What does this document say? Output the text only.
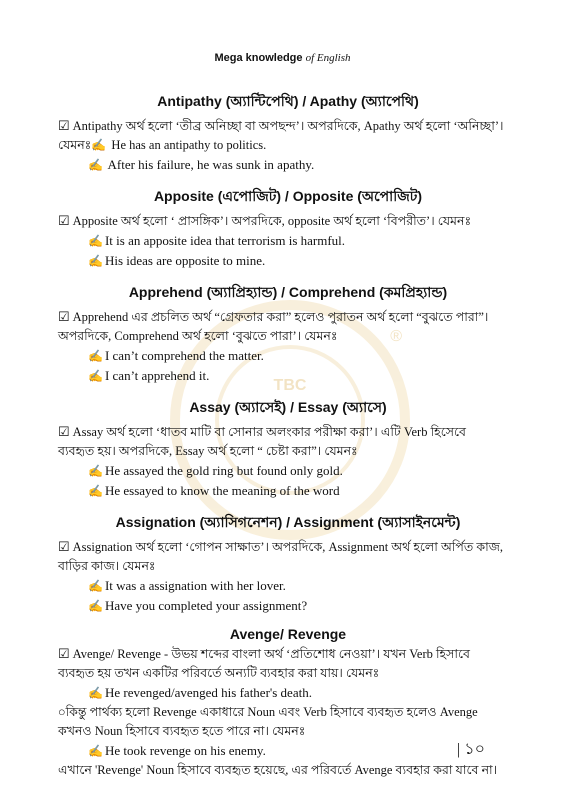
Mega knowledge of English
TBC
®
Antipathy (অ্যান্টিপেথি) / Apathy (অ্যাপেথি)
☑ Antipathy অর্থ হলো ‘তীব্র অনিচ্ছা বা অপছন্দ’। অপরদিকে, Apathy অর্থ হলো ‘অনিচ্ছা’।
যেমনঃ✍ He has an antipathy to politics.
✍ After his failure, he was sunk in apathy.
Apposite (এপোজিট) / Opposite (অপোজিট)
☑ Apposite অর্থ হলো ‘ প্রাসঙ্গিক’। অপরদিকে, opposite অর্থ হলো ‘বিপরীত’। যেমনঃ
✍ It is an apposite idea that terrorism is harmful.
✍ His ideas are opposite to mine.
Apprehend (অ্যাপ্রিহ্যান্ড) / Comprehend (কমপ্রিহ্যান্ড)
☑ Apprehend এর প্রচলিত অর্থ “গ্রেফতার করা” হলেও পুরাতন অর্থ হলো “বুঝতে পারা”।
অপরদিকে, Comprehend অর্থ হলো ‘বুঝতে পারা’। যেমনঃ
✍ I can’t comprehend the matter.
✍ I can’t apprehend it.
Assay (অ্যাসেই) / Essay (অ্যাসে)
☑ Assay অর্থ হলো ‘ধাতব মাটি বা সোনার অলংকার পরীক্ষা করা’। এটি Verb হিসেবে
ব্যবহৃত হয়। অপরদিকে, Essay অর্থ হলো “ চেষ্টা করা”। যেমনঃ
✍ He assayed the gold ring but found only gold.
✍ He essayed to know the meaning of the word
Assignation (অ্যাসিগনেশন) / Assignment (অ্যাসাইনমেন্ট)
☑ Assignation অর্থ হলো ‘গোপন সাক্ষাত’। অপরদিকে, Assignment অর্থ হলো অর্পিত কাজ,
বাড়ির কাজ। যেমনঃ
✍ It was a assignation with her lover.
✍ Have you completed your assignment?
Avenge/ Revenge
☑ Avenge/ Revenge - উভয় শব্দের বাংলা অর্থ ‘প্রতিশোধ নেওয়া’। যখন Verb হিসাবে
ব্যবহৃত হয় তখন একটির পরিবর্তে অন্যটি ব্যবহার করা যায়। যেমনঃ
✍ He revenged/avenged his father's death.
○কিন্তু পার্থক্য হলো Revenge একাধারে Noun এবং Verb হিসাবে ব্যবহৃত হলেও Avenge
কখনও Noun হিসাবে ব্যবহৃত হতে পারে না। যেমনঃ
✍ He took revenge on his enemy.
এখানে 'Revenge' Noun হিসাবে ব্যবহৃত হয়েছে, এর পরিবর্তে Avenge ব্যবহার করা যাবে না।
| ১০
